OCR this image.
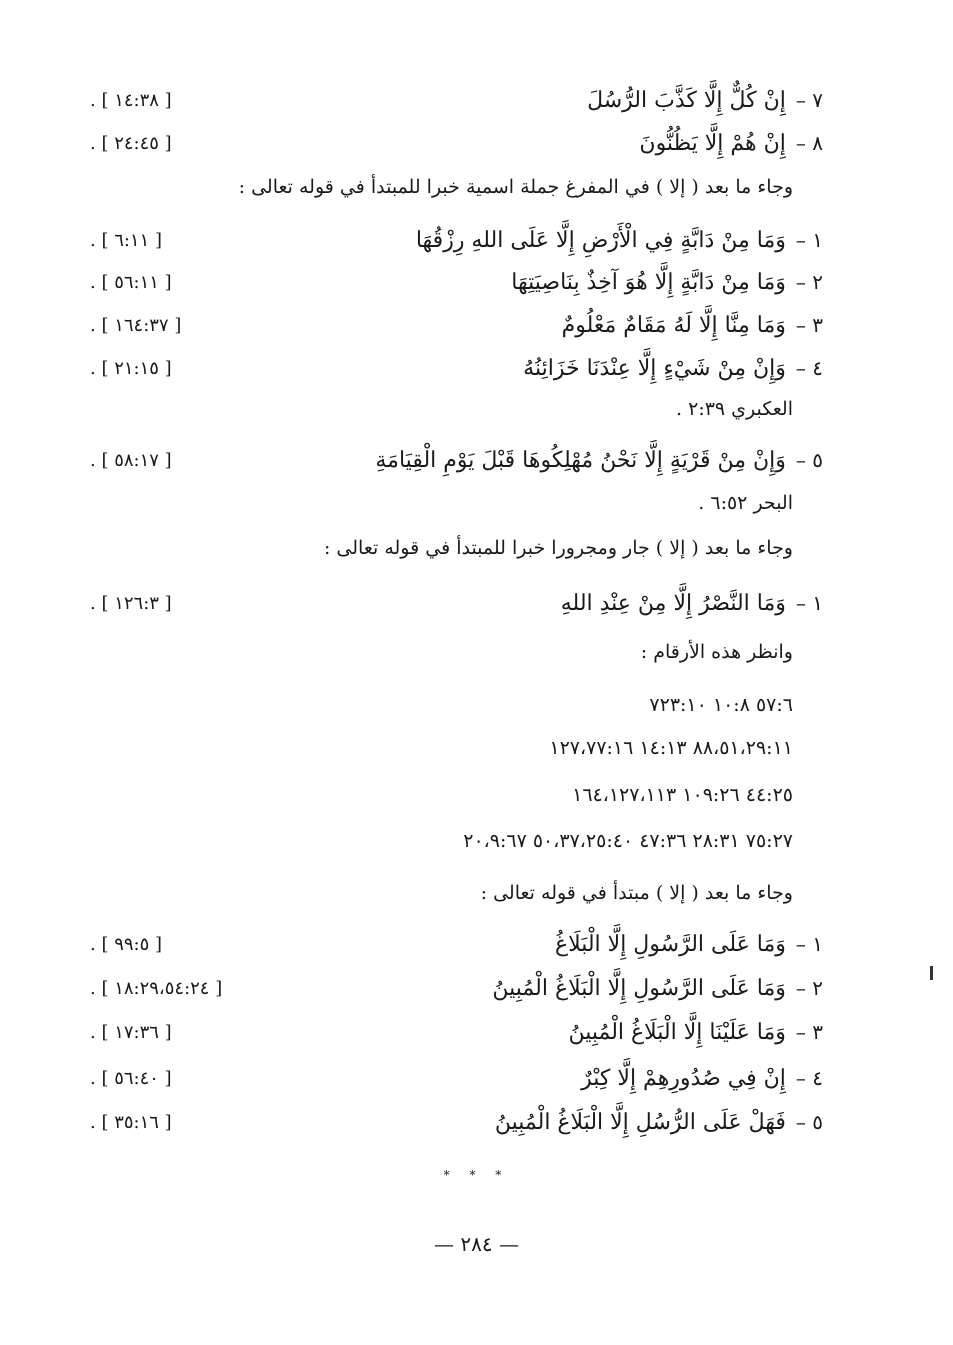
٧ –
إِنْ كُلٌّ إِلَّا كَذَّبَ الرُّسُلَ
[ ١٤:٣٨ ] .
٨ –
إِنْ هُمْ إِلَّا يَظُنُّونَ
[ ٢٤:٤٥ ] .
وجاء ما بعد ( إلا ) في المفرغ جملة اسمية خبرا للمبتدأ في قوله تعالى :
١ –
وَمَا مِنْ دَابَّةٍ فِي الْأَرْضِ إِلَّا عَلَى اللهِ رِزْقُهَا
[ ٦:١١ ] .
٢ –
وَمَا مِنْ دَابَّةٍ إِلَّا هُوَ آخِذٌ بِنَاصِيَتِهَا
[ ٥٦:١١ ] .
٣ –
وَمَا مِنَّا إِلَّا لَهُ مَقَامٌ مَعْلُومٌ
[ ١٦٤:٣٧ ] .
٤ –
وَإِنْ مِنْ شَيْءٍ إِلَّا عِنْدَنَا خَزَائِنُهُ
[ ٢١:١٥ ] .
العكبري ٢:٣٩ .
٥ –
وَإِنْ مِنْ قَرْيَةٍ إِلَّا نَحْنُ مُهْلِكُوهَا قَبْلَ يَوْمِ الْقِيَامَةِ
[ ٥٨:١٧ ] .
البحر ٦:٥٢ .
وجاء ما بعد ( إلا ) جار ومجرورا خبرا للمبتدأ في قوله تعالى :
١ –
وَمَا النَّصْرُ إِلَّا مِنْ عِنْدِ اللهِ
[ ١٢٦:٣ ] .
وانظر هذه الأرقام :
٥٧:٦ ١٠:٨ ٧٢٣:١٠
٨٨،٥١،٢٩:١١ ١٤:١٣ ١٢٧،٧٧:١٦
٤٤:٢٥ ١٠٩:٢٦ ١٦٤،١٢٧،١١٣
٧٥:٢٧ ٢٨:٣١ ٤٧:٣٦ ٥٠،٣٧،٢٥:٤٠ ٢٠،٩:٦٧
وجاء ما بعد ( إلا ) مبتدأ في قوله تعالى :
١ –
وَمَا عَلَى الرَّسُولِ إِلَّا الْبَلَاغُ
[ ٩٩:٥ ] .
٢ –
وَمَا عَلَى الرَّسُولِ إِلَّا الْبَلَاغُ الْمُبِينُ
[ ١٨:٢٩،٥٤:٢٤ ] .
٣ –
وَمَا عَلَيْنَا إِلَّا الْبَلَاغُ الْمُبِينُ
[ ١٧:٣٦ ] .
٤ –
إِنْ فِي صُدُورِهِمْ إِلَّا كِبْرٌ
[ ٥٦:٤٠ ] .
٥ –
فَهَلْ عَلَى الرُّسُلِ إِلَّا الْبَلَاغُ الْمُبِينُ
[ ٣٥:١٦ ] .
* * *
— ٢٨٤ —
